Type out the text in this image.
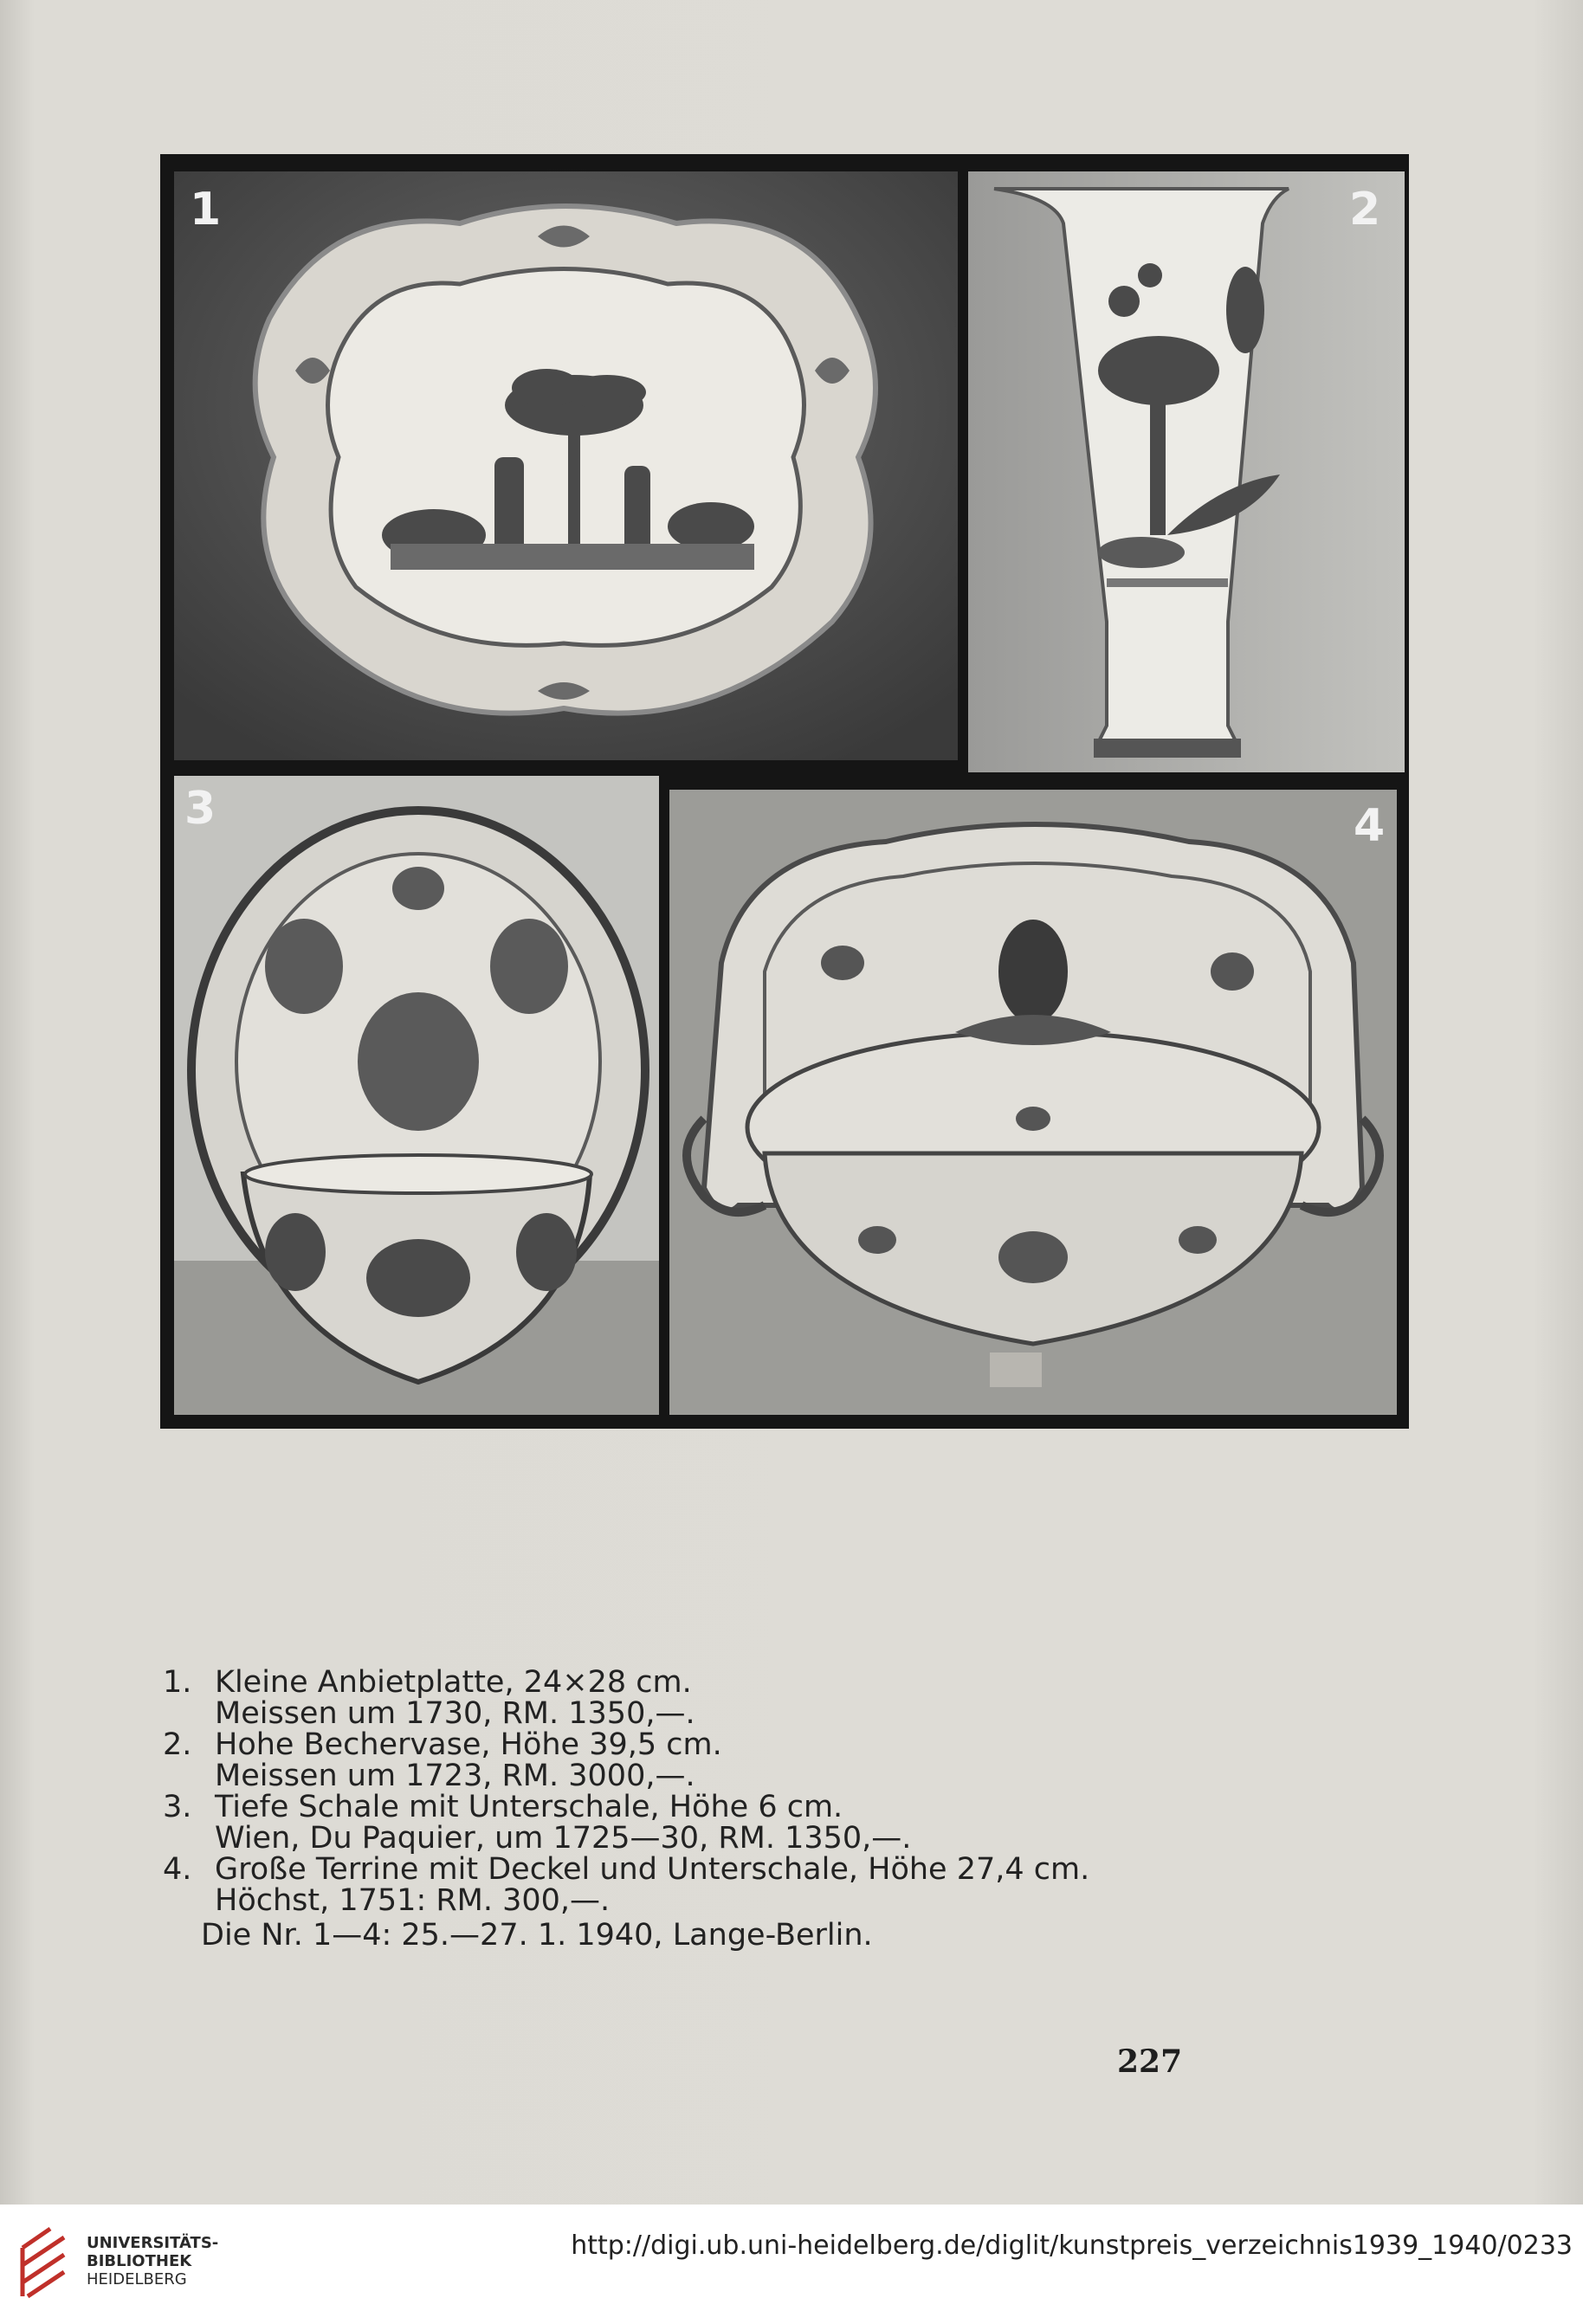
1	2
3	4
1. Kleine Anbietplatte, 24×28 cm.
Meissen um 1730, RM. 1350,—.
2. Hohe Bechervase, Höhe 39,5 cm.
Meissen um 1723, RM. 3000,—.
3. Tiefe Schale mit Unterschale, Höhe 6 cm.
Wien, Du Paquier, um 1725—30, RM. 1350,—.
4. Große Terrine mit Deckel und Unterschale, Höhe 27,4 cm.
Höchst, 1751: RM. 300,—.
Die Nr. 1—4: 25.—27. 1. 1940, Lange-Berlin.
227
UNIVERSITÄTS-
BIBLIOTHEK
HEIDELBERG
http://digi.ub.uni-heidelberg.de/diglit/kunstpreis_verzeichnis1939_1940/0233
